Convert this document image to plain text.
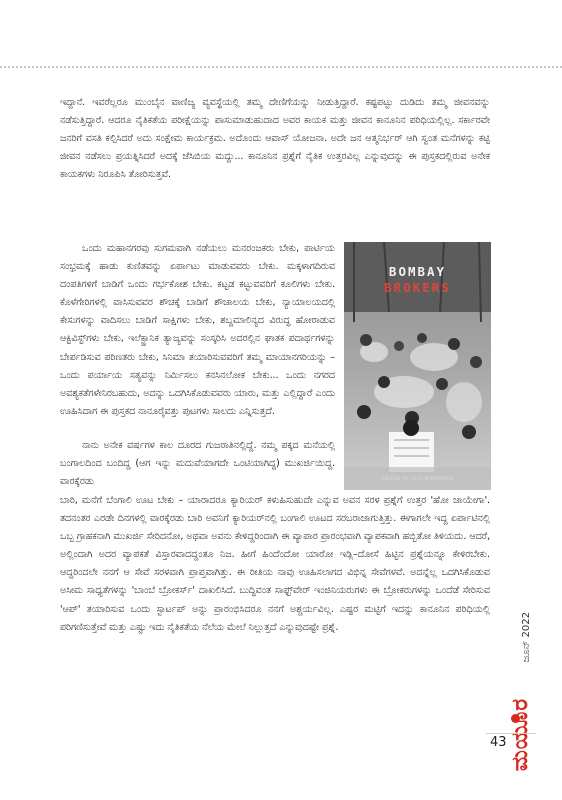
ಇದ್ದಾನೆ. ಇವರೆಲ್ಲರೂ ಮುಂಬೈನ ವಾಣಿಜ್ಯ ವ್ಯವಸ್ಥೆಯಲ್ಲಿ ತಮ್ಮ ದೇಣಿಗೆಯನ್ನು ನೀಡುತ್ತಿದ್ದಾರೆ. ಕಷ್ಟಪಟ್ಟು ದುಡಿದು ತಮ್ಮ ಜೀವನವನ್ನು ನಡೆಸುತ್ತಿದ್ದಾರೆ. ಆದರೂ ನೈತಿಕತೆಯ ಪರೀಕ್ಷೆಯನ್ನು ಪಾಸುಮಾಡುಹುದಾದ ಅವರ ಕಾಯಕ ಮತ್ತು ಜೀವನ ಕಾನೂನಿನ ಪರಿಧಿಯಲ್ಲಿಲ್ಲ. ಸರ್ಕಾರವೇ ಜನರಿಗೆ ವಸತಿ ಕಲ್ಪಿಸಿದರೆ ಅದು ಸಂಕ್ಷೇಮ ಕಾರ್ಯಕ್ರಮ. ಅದೊಂದು ಆವಾಸ್‌ ಯೋಜನಾ. ಅದೇ ಜನ ಆತ್ಮನಿರ್ಭರ್‌ ಆಗಿ ಸ್ವಂತ ಮನೆಗಳನ್ನು ಕಟ್ಟಿ ಜೀವನ ನಡೆಸಲು ಪ್ರಯತ್ನಿಸಿದರೆ ಅದಕ್ಕೆ ಜೆಸಿಬಿಯ ಮದ್ದು... ಕಾನೂನಿನ ಪ್ರಶ್ನೆಗೆ ನೈತಿಕ ಉತ್ತರವಿಲ್ಲ ಎನ್ನುವುದನ್ನು ಈ ಪುಸ್ತಕದಲ್ಲಿರುವ ಅನೇಕ ಕಾಯಕಗಳು ನಿರೂಪಿಸಿ ತೋರಿಸುತ್ತವೆ.

ಒಂದು ಮಹಾನಗರವು ಸುಗಮವಾಗಿ ನಡೆಯಲು ಮನರಂಜಕರು ಬೇಕು, ಪಾರ್ಟಿಯ ಸಂಭ್ರಮಕ್ಕೆ ಹಾಡು ಕುಣಿತವನ್ನು ಏರ್ಪಾಟು ಮಾಡುವವರು ಬೇಕು. ಮಕ್ಕಳಾಗದಿರುವ ದಂಪತಿಗಳಿಗೆ ಬಾಡಿಗೆ ಒಂದು ಗರ್ಭಕೋಶ ಬೇಕು. ಕಟ್ಟಡ ಕಟ್ಟುವವರಿಗೆ ಕೂಲಿಗಳು ಬೇಕು. ಕೊಳೆಗೇರಿಗಳಲ್ಲಿ ವಾಸಿಸುವವರ ಶೌಚಕ್ಕೆ ಬಾಡಿಗೆ ಶೌಚಾಲಯ ಬೇಕು, ನ್ಯಾಯಾಲಯದಲ್ಲಿ ಕೇಸುಗಳನ್ನು ವಾದಿಸಲು ಬಾಡಿಗೆ ಸಾಕ್ಷಿಗಳು ಬೇಕು, ಶಬ್ದಮಾಲಿನ್ಯದ ವಿರುದ್ಧ ಹೋರಾಡುವ ಆಕ್ಟಿವಿಸ್ಟ್‌ಗಳು ಬೇಕು, ಇಲೆಕ್ಟ್ರಾನಿಕ ತ್ಯಾಜ್ಯವನ್ನು ಸಂಸ್ಕರಿಸಿ ಅದರಲ್ಲಿನ ಘಾತಕ ಪದಾರ್ಥಗಳನ್ನು ಬೇರ್ಪಡಿಸುವ ಪರಿಣತರು ಬೇಕು, ಸಿನಿಮಾ ತಯಾರಿಸುವವರಿಗೆ ತಮ್ಮ ಮಾಯಾನಗರಿಯನ್ನು – ಒಂದು ಪರ್ಯಾಯ ಸತ್ಯವನ್ನು ನಿರ್ಮಿಸಲು ಕನಸಿನಲೋಕ ಬೇಕು... ಒಂದು ನಗರದ ಅವಶ್ಯಕತೆಗಳೇನಿರಬಹುದು, ಅದನ್ನು ಒದಗಿಸಿಕೊಡುವವರು ಯಾರು, ಮತ್ತು ಎಲ್ಲಿದ್ದಾರೆ ಎಂದು ಊಹಿಸಿದಾಗ ಈ ಪುಸ್ತಕದ ನಾನೂರೈವತ್ತು ಪುಟಗಳು ಸಾಲದು ಎನ್ನಿಸುತ್ತದೆ.

BOMBAY
BROKERS
EDITED BY LISA BJÖRKMAN

ನಾನು ಅನೇಕ ವರ್ಷಗಳ ಕಾಲ ದೂರದ ಗುಜರಾತಿನಲ್ಲಿದ್ದೆ. ನಮ್ಮ ಪಕ್ಕದ ಮನೆಯಲ್ಲಿ ಬಂಗಾಲದಿಂದ ಬಂದಿದ್ದ (ಆಗ ಇನ್ನು ಮದುವೆಯಾಗದೇ ಒಂಟಿಯಾಗಿದ್ದ) ಮುಖರ್ಜಿಯಿದ್ದ. ವಾರಕ್ಕೆರಡು

ಬಾರಿ, ಮನೆಗೆ ಬೆಂಗಾಲಿ ಊಟ ಬೇಕು – ಯಾರಾದರೂ ಕ್ಯಾರಿಯರ್‌ ಕಳುಹಿಸುಹುದೇ ಎನ್ನುವ ಅವನ ಸರಳ ಪ್ರಶ್ನೆಗೆ ಉತ್ತರ 'ಹೋ ಜಾಯೇಗಾ'. ತದನಂತರ ಎರಡೇ ದಿನಗಳಲ್ಲಿ ವಾರಕ್ಕೆರಡು ಬಾರಿ ಅವನಿಗೆ ಕ್ಯಾರಿಯರ್‌ನಲ್ಲಿ ಬಂಗಾಲಿ ಊಟದ ಸರಬರಾಜಾಗುತ್ತಿತ್ತು. ಈಗಾಗಲೇ ಇದ್ದ ಏರ್ಪಾಟಿನಲ್ಲಿ ಒಬ್ಬ ಗ್ರಾಹಕನಾಗಿ ಮುಖರ್ಜಿ ಸೇರಿದನೋ, ಅಥವಾ ಅವನು ಕೇಳಿದ್ದರಿಂದಾಗಿ ಈ ವ್ಯಾಪಾರ ಪ್ರಾರಂಭವಾಗಿ ವ್ಯಾಪಕವಾಗಿ ಹಬ್ಬಿತೋ ತಿಳಿಯದು. ಆದರೆ, ಅಲ್ಲಿಂದಾಗಿ ಅದರ ವ್ಯಾಪಕತೆ ವಿಸ್ತಾರವಾದದ್ದಂತೂ ನಿಜ. ಹೀಗೆ ಹಿಂದೆಂದೋ ಯಾರೋ ಇಡ್ಲಿ–ದೋಸೆ ಹಿಟ್ಟಿನ ಪ್ರಶ್ನೆಯನ್ನೂ ಕೇಳಿರಬೇಕು. ಆದ್ದರಿಂದಲೇ ನನಗೆ ಆ ಸೇವೆ ಸರಳವಾಗಿ ಪ್ರಾಪ್ತವಾಗಿತ್ತು. ಈ ರೀತಿಯ ನಾವು ಊಹಿಸಲಾಗದ ವಿಭಿನ್ನ ಸೇವೆಗಳವೆ. ಅದನ್ನೆಲ್ಲ ಒದಗಿಸಿಕೊಡುವ ಅಸೀಮ ಸಾಧ್ಯತೆಗಳನ್ನು 'ಬಾಂಬೆ ಬ್ರೋಕರ್ಸ್‌' ದಾಖಲಿಸಿದೆ. ಬುದ್ಧಿವಂತ ಸಾಫ್ಟ್‌ವೇರ್‌ ಇಂಜಿನಿಯರುಗಳು ಈ ಬ್ರೋಕರುಗಳನ್ನು ಒಂದೆಡೆ ಸೇರಿಸುವ 'ಆಪ್‌' ತಯಾರಿಸುವ ಒಂದು ಸ್ಟಾರ್ಟಪ್‌ ಅನ್ನು ಪ್ರಾರಂಭಿಸಿದರೂ ನನಗೆ ಅಶ್ಚರ್ಯವಿಲ್ಲ. ಎಷ್ಟರ ಮಟ್ಟಿಗೆ ಇದನ್ನು ಕಾನೂನಿನ ಪರಿಧಿಯಲ್ಲಿ ಪರಿಗಣಿಸುತ್ತೇವೆ ಮತ್ತು ಎಷ್ಟು ಇದು ನೈತಿಕತೆಯ ನೆಲೆಯ ಮೇಲೆ ನಿಲ್ಲುತ್ತದೆ ಎನ್ನುವುದಷ್ಟೇ ಪ್ರಶ್ನೆ.	ಜೂನ್ 2022
ಮಯೂರ
43
